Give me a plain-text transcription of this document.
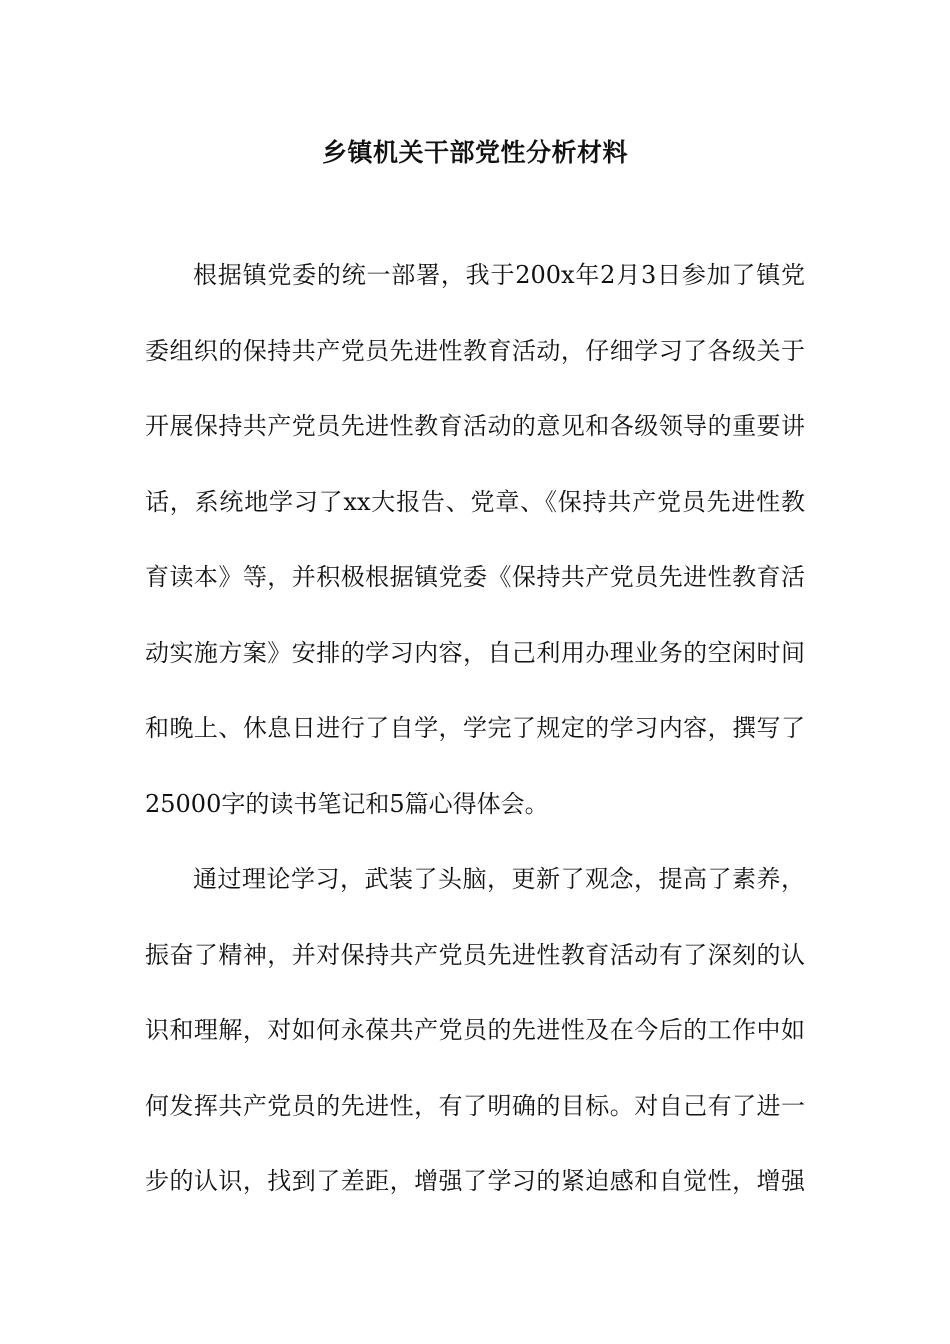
乡镇机关干部党性分析材料
根据镇党委的统一部署，我于200x年2月3日参加了镇党
委组织的保持共产党员先进性教育活动，仔细学习了各级关于
开展保持共产党员先进性教育活动的意见和各级领导的重要讲
话，系统地学习了xx大报告、党章、《保持共产党员先进性教
育读本》等，并积极根据镇党委《保持共产党员先进性教育活
动实施方案》安排的学习内容，自己利用办理业务的空闲时间
和晚上、休息日进行了自学，学完了规定的学习内容，撰写了
25000字的读书笔记和5篇心得体会。
通过理论学习，武装了头脑，更新了观念，提高了素养，
振奋了精神，并对保持共产党员先进性教育活动有了深刻的认
识和理解，对如何永葆共产党员的先进性及在今后的工作中如
何发挥共产党员的先进性，有了明确的目标。对自己有了进一
步的认识，找到了差距，增强了学习的紧迫感和自觉性，增强
